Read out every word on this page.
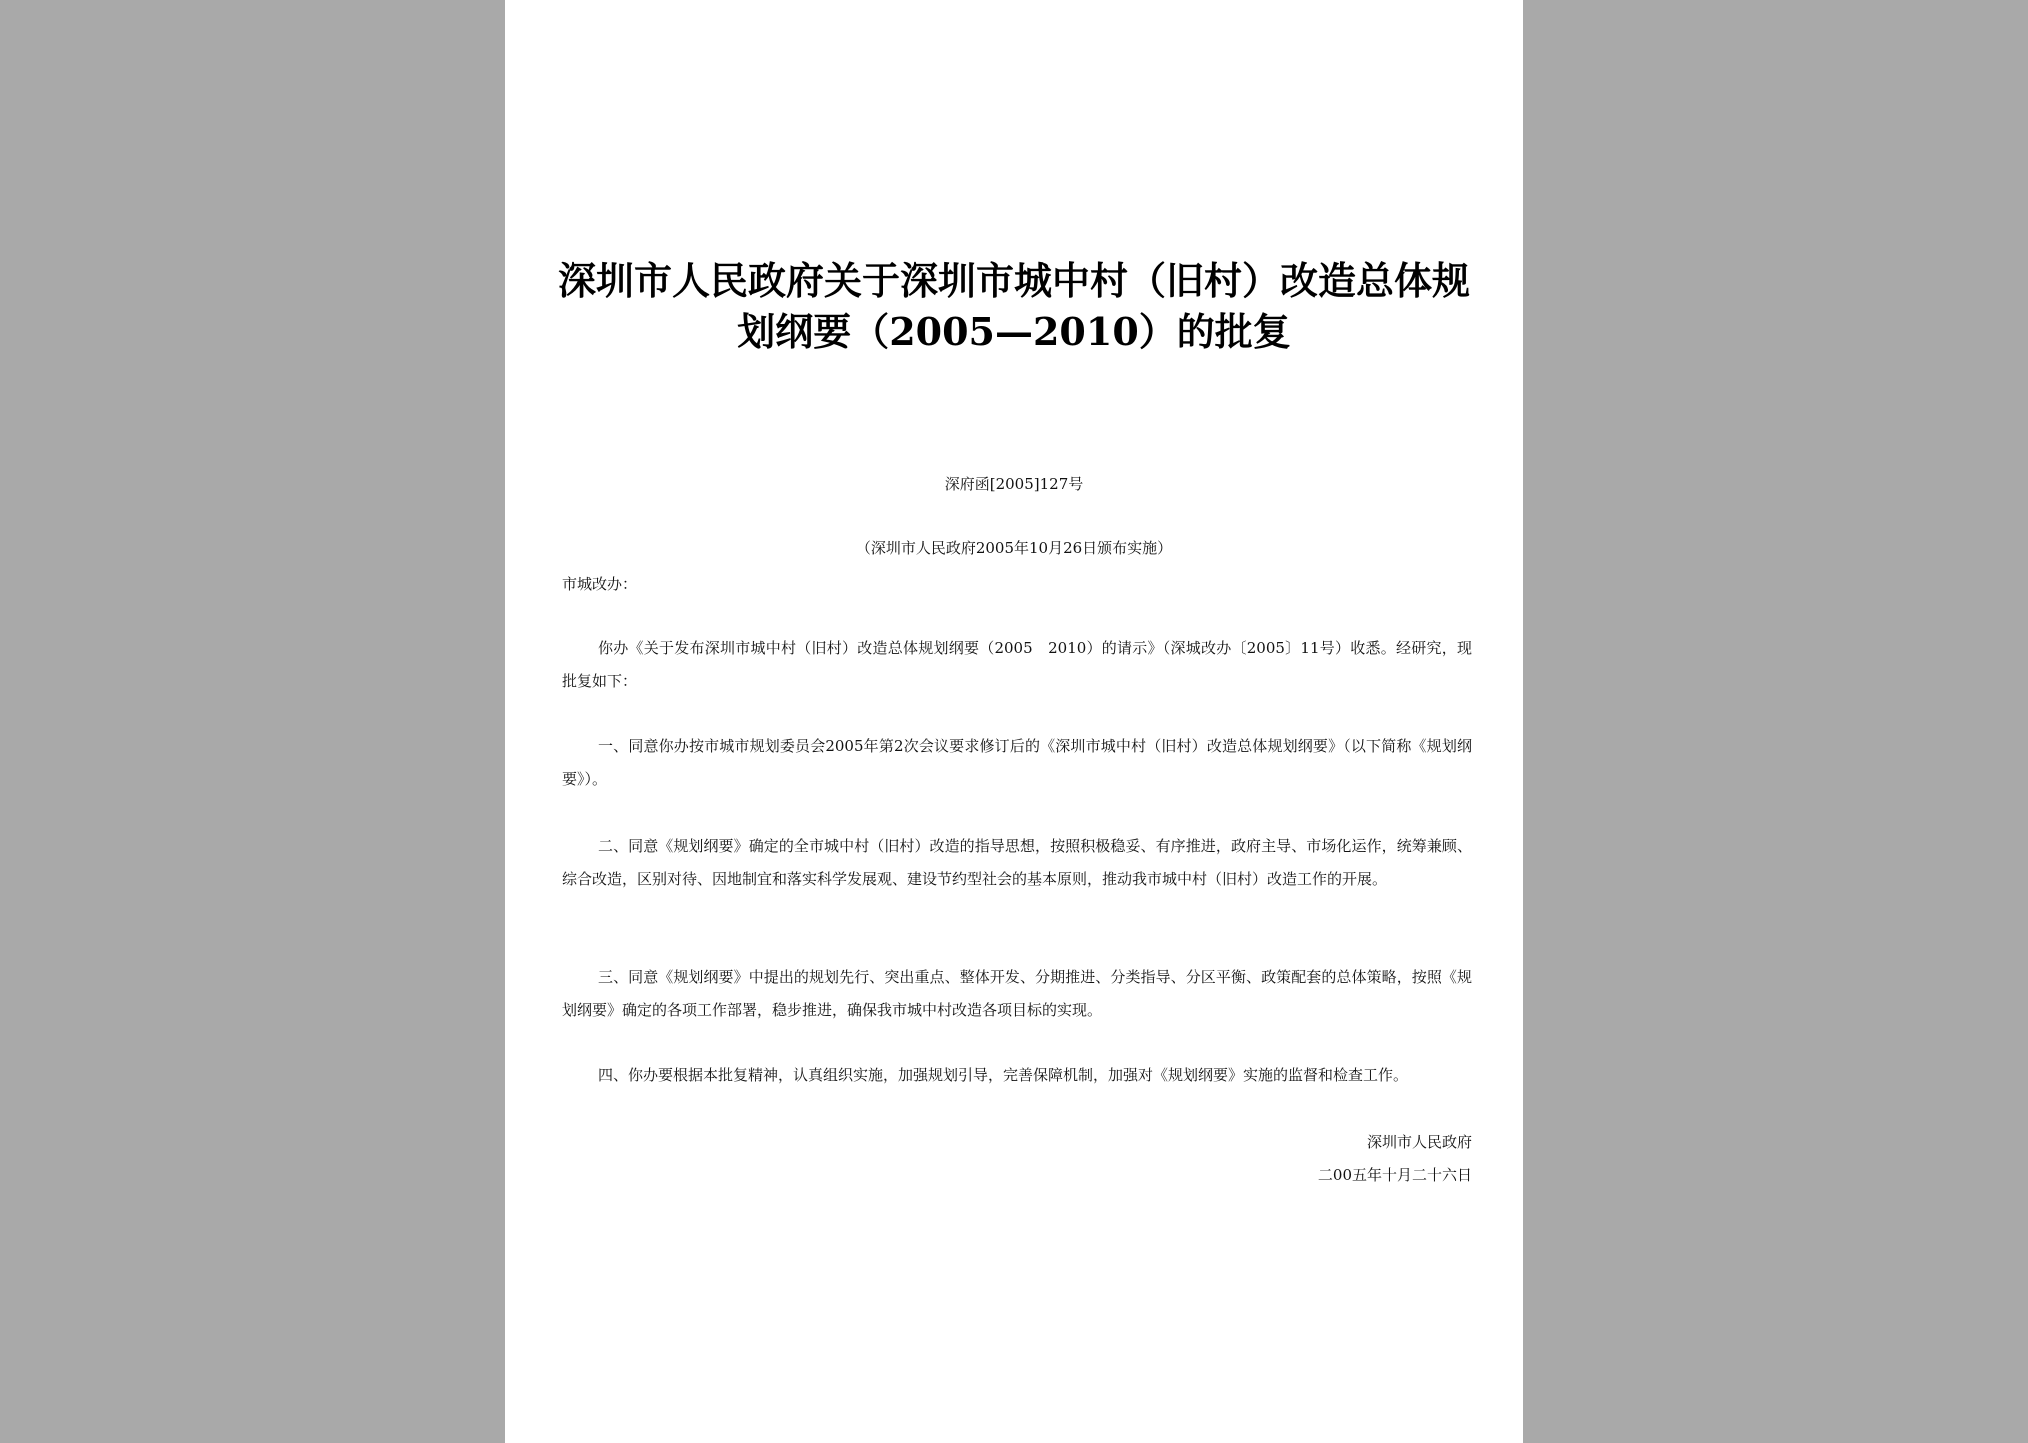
深圳市人民政府关于深圳市城中村（旧村）改造总体规
划纲要（2005—2010）的批复
深府函[2005]127号
（深圳市人民政府2005年10月26日颁布实施）
市城改办：
你办《关于发布深圳市城中村（旧村）改造总体规划纲要（2005　2010）的请示》（深城改办〔2005〕11号）收悉。经研究，现批复如下：
一、同意你办按市城市规划委员会2005年第2次会议要求修订后的《深圳市城中村（旧村）改造总体规划纲要》（以下简称《规划纲要》）。
二、同意《规划纲要》确定的全市城中村（旧村）改造的指导思想，按照积极稳妥、有序推进，政府主导、市场化运作，统筹兼顾、综合改造，区别对待、因地制宜和落实科学发展观、建设节约型社会的基本原则，推动我市城中村（旧村）改造工作的开展。
三、同意《规划纲要》中提出的规划先行、突出重点、整体开发、分期推进、分类指导、分区平衡、政策配套的总体策略，按照《规划纲要》确定的各项工作部署，稳步推进，确保我市城中村改造各项目标的实现。
四、你办要根据本批复精神，认真组织实施，加强规划引导，完善保障机制，加强对《规划纲要》实施的监督和检查工作。
深圳市人民政府
二00五年十月二十六日
